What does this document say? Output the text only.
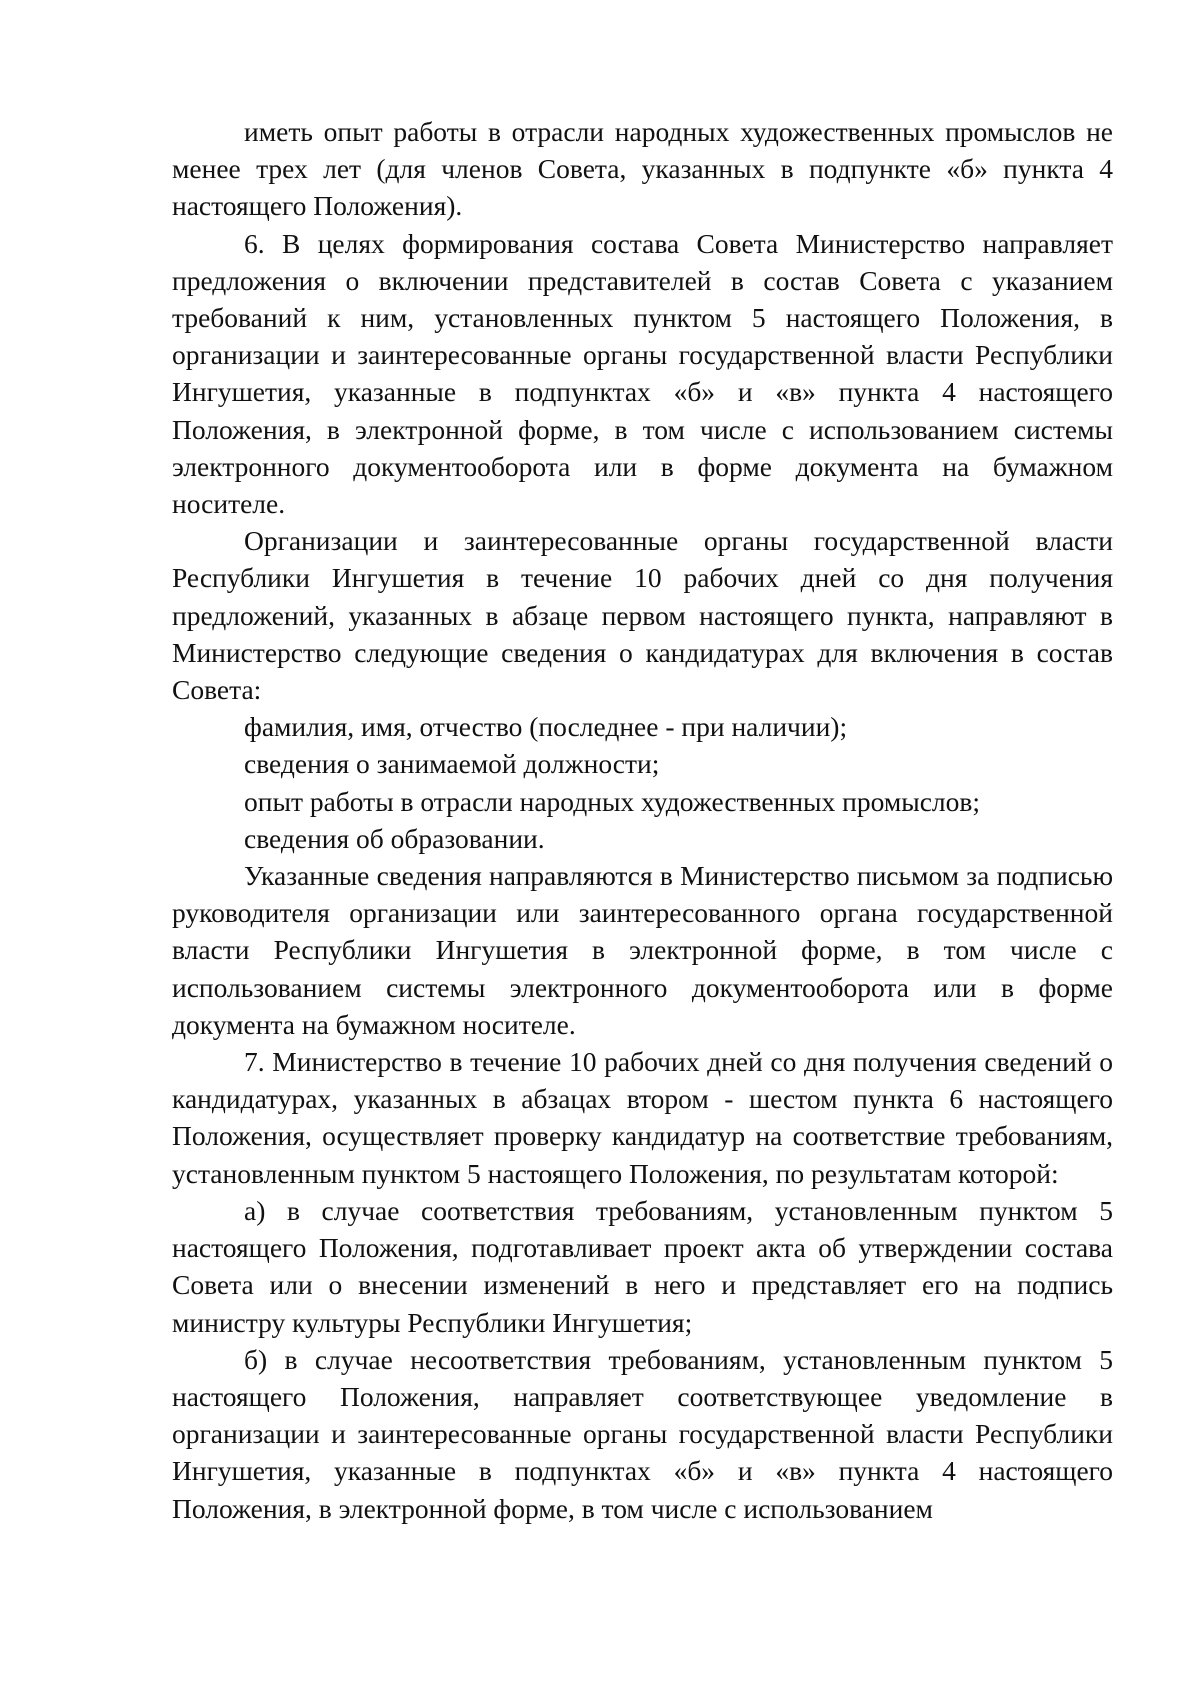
иметь опыт работы в отрасли народных художественных промыслов не менее трех лет (для членов Совета, указанных в подпункте «б» пункта 4 настоящего Положения).

6. В целях формирования состава Совета Министерство направляет предложения о включении представителей в состав Совета с указанием требований к ним, установленных пунктом 5 настоящего Положения, в организации и заинтересованные органы государственной власти Республики Ингушетия, указанные в подпунктах «б» и «в» пункта 4 настоящего Положения, в электронной форме, в том числе с использованием системы электронного документооборота или в форме документа на бумажном носителе.

Организации и заинтересованные органы государственной власти Республики Ингушетия в течение 10 рабочих дней со дня получения предложений, указанных в абзаце первом настоящего пункта, направляют в Министерство следующие сведения о кандидатурах для включения в состав Совета:

фамилия, имя, отчество (последнее - при наличии);

сведения о занимаемой должности;

опыт работы в отрасли народных художественных промыслов;

сведения об образовании.

Указанные сведения направляются в Министерство письмом за подписью руководителя организации или заинтересованного органа государственной власти Республики Ингушетия в электронной форме, в том числе с использованием системы электронного документооборота или в форме документа на бумажном носителе.

7. Министерство в течение 10 рабочих дней со дня получения сведений о кандидатурах, указанных в абзацах втором - шестом пункта 6 настоящего Положения, осуществляет проверку кандидатур на соответствие требованиям, установленным пунктом 5 настоящего Положения, по результатам которой:

а) в случае соответствия требованиям, установленным пунктом 5 настоящего Положения, подготавливает проект акта об утверждении состава Совета или о внесении изменений в него и представляет его на подпись министру культуры Республики Ингушетия;

б) в случае несоответствия требованиям, установленным пунктом 5 настоящего Положения, направляет соответствующее уведомление в организации и заинтересованные органы государственной власти Республики Ингушетия, указанные в подпунктах «б» и «в» пункта 4 настоящего Положения, в электронной форме, в том числе с использованием
